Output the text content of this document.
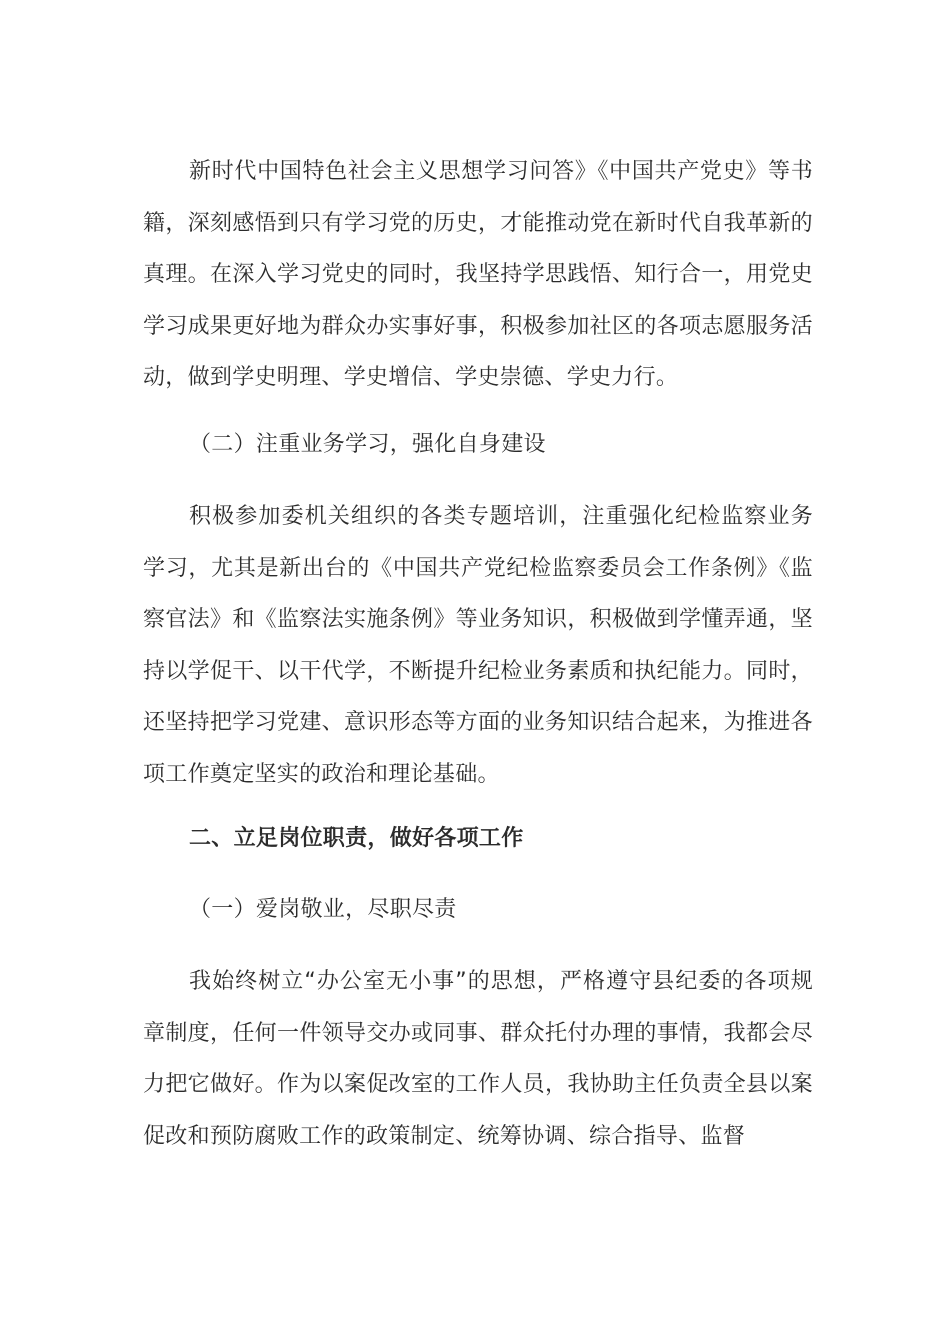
新时代中国特色社会主义思想学习问答》《中国共产党史》等书籍，深刻感悟到只有学习党的历史，才能推动党在新时代自我革新的真理。在深入学习党史的同时，我坚持学思践悟、知行合一，用党史学习成果更好地为群众办实事好事，积极参加社区的各项志愿服务活动，做到学史明理、学史增信、学史崇德、学史力行。

（二）注重业务学习，强化自身建设

积极参加委机关组织的各类专题培训，注重强化纪检监察业务学习，尤其是新出台的《中国共产党纪检监察委员会工作条例》《监察官法》和《监察法实施条例》等业务知识，积极做到学懂弄通，坚持以学促干、以干代学，不断提升纪检业务素质和执纪能力。同时，还坚持把学习党建、意识形态等方面的业务知识结合起来，为推进各项工作奠定坚实的政治和理论基础。

二、立足岗位职责，做好各项工作

（一）爱岗敬业，尽职尽责

我始终树立“办公室无小事”的思想，严格遵守县纪委的各项规章制度，任何一件领导交办或同事、群众托付办理的事情，我都会尽力把它做好。作为以案促改室的工作人员，我协助主任负责全县以案促改和预防腐败工作的政策制定、统筹协调、综合指导、监督
